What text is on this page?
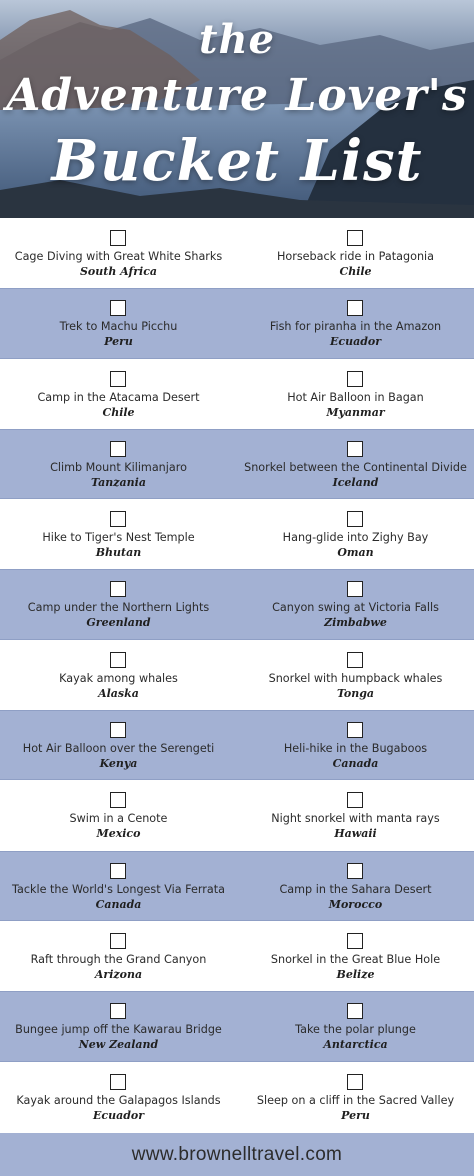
the
Adventure Lover's
Bucket List
Cage Diving with Great White Sharks
South Africa
Horseback ride in Patagonia
Chile
Trek to Machu Picchu
Peru
Fish for piranha in the Amazon
Ecuador
Camp in the Atacama Desert
Chile
Hot Air Balloon in Bagan
Myanmar
Climb Mount Kilimanjaro
Tanzania
Snorkel between the Continental Divide
Iceland
Hike to Tiger's Nest Temple
Bhutan
Hang-glide into Zighy Bay
Oman
Camp under the Northern Lights
Greenland
Canyon swing at Victoria Falls
Zimbabwe
Kayak among whales
Alaska
Snorkel with humpback whales
Tonga
Hot Air Balloon over the Serengeti
Kenya
Heli-hike in the Bugaboos
Canada
Swim in a Cenote
Mexico
Night snorkel with manta rays
Hawaii
Tackle the World's Longest Via Ferrata
Canada
Camp in the Sahara Desert
Morocco
Raft through the Grand Canyon
Arizona
Snorkel in the Great Blue Hole
Belize
Bungee jump off the Kawarau Bridge
New Zealand
Take the polar plunge
Antarctica
Kayak around the Galapagos Islands
Ecuador
Sleep on a cliff in the Sacred Valley
Peru
www.brownelltravel.com
